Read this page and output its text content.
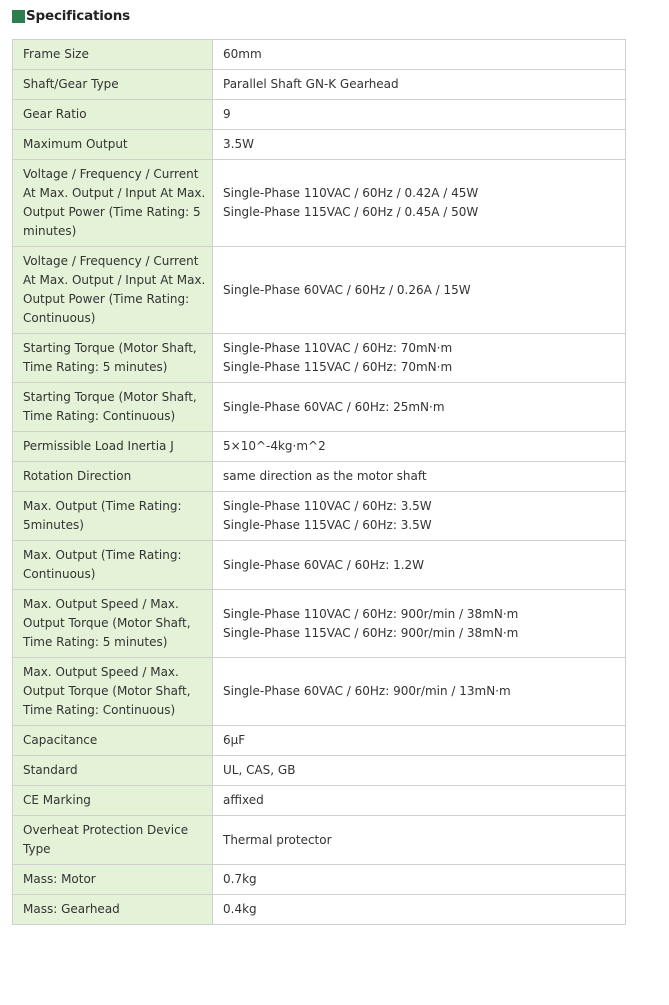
Specifications
Frame Size	60mm

Shaft/Gear Type	Parallel Shaft GN-K Gearhead

Gear Ratio	9

Maximum Output	3.5W

Voltage / Frequency / Current At Max. Output / Input At Max. Output Power (Time Rating: 5 minutes)	Single-Phase 110VAC / 60Hz / 0.42A / 45W
Single-Phase 115VAC / 60Hz / 0.45A / 50W

Voltage / Frequency / Current At Max. Output / Input At Max. Output Power (Time Rating: Continuous)	Single-Phase 60VAC / 60Hz / 0.26A / 15W

Starting Torque (Motor Shaft, Time Rating: 5 minutes)	Single-Phase 110VAC / 60Hz: 70mN·m
Single-Phase 115VAC / 60Hz: 70mN·m

Starting Torque (Motor Shaft, Time Rating: Continuous)	Single-Phase 60VAC / 60Hz: 25mN·m

Permissible Load Inertia J	5×10^-4kg·m^2

Rotation Direction	same direction as the motor shaft

Max. Output (Time Rating: 5minutes)	Single-Phase 110VAC / 60Hz: 3.5W
Single-Phase 115VAC / 60Hz: 3.5W

Max. Output (Time Rating: Continuous)	Single-Phase 60VAC / 60Hz: 1.2W

Max. Output Speed / Max. Output Torque (Motor Shaft, Time Rating: 5 minutes)	Single-Phase 110VAC / 60Hz: 900r/min / 38mN·m
Single-Phase 115VAC / 60Hz: 900r/min / 38mN·m

Max. Output Speed / Max. Output Torque (Motor Shaft, Time Rating: Continuous)	Single-Phase 60VAC / 60Hz: 900r/min / 13mN·m

Capacitance	6μF

Standard	UL, CAS, GB

CE Marking	affixed

Overheat Protection Device Type	Thermal protector

Mass: Motor	0.7kg

Mass: Gearhead	0.4kg
